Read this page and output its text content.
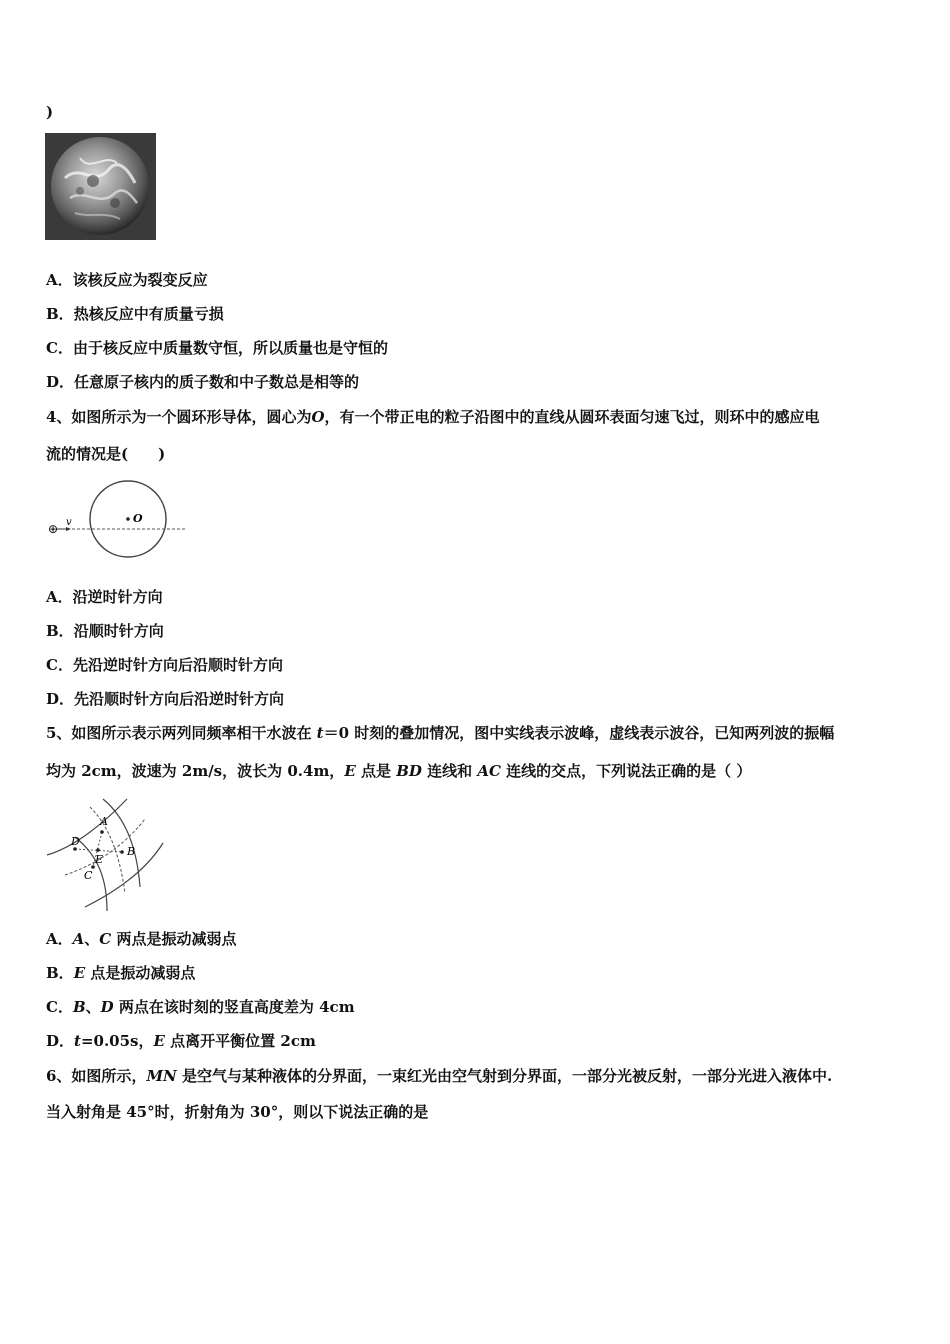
)
A．该核反应为裂变反应
B．热核反应中有质量亏损
C．由于核反应中质量数守恒，所以质量也是守恒的
D．任意原子核内的质子数和中子数总是相等的
4、如图所示为一个圆环形导体，圆心为O，有一个带正电的粒子沿图中的直线从圆环表面匀速飞过，则环中的感应电
流的情况是(　　)
⊕ v	O
A．沿逆时针方向
B．沿顺时针方向
C．先沿逆时针方向后沿顺时针方向
D．先沿顺时针方向后沿逆时针方向
5、如图所示表示两列同频率相干水波在 t＝0 时刻的叠加情况，图中实线表示波峰，虚线表示波谷，已知两列波的振幅
均为 2cm，波速为 2m/s，波长为 0.4m，E 点是 BD 连线和 AC 连线的交点，下列说法正确的是（ ）
A
B
C
D
E
A．A、C 两点是振动减弱点
B．E 点是振动减弱点
C．B、D 两点在该时刻的竖直高度差为 4cm
D．t=0.05s，E 点离开平衡位置 2cm
6、如图所示，MN 是空气与某种液体的分界面，一束红光由空气射到分界面，一部分光被反射，一部分光进入液体中.
当入射角是 45°时，折射角为 30°，则以下说法正确的是
